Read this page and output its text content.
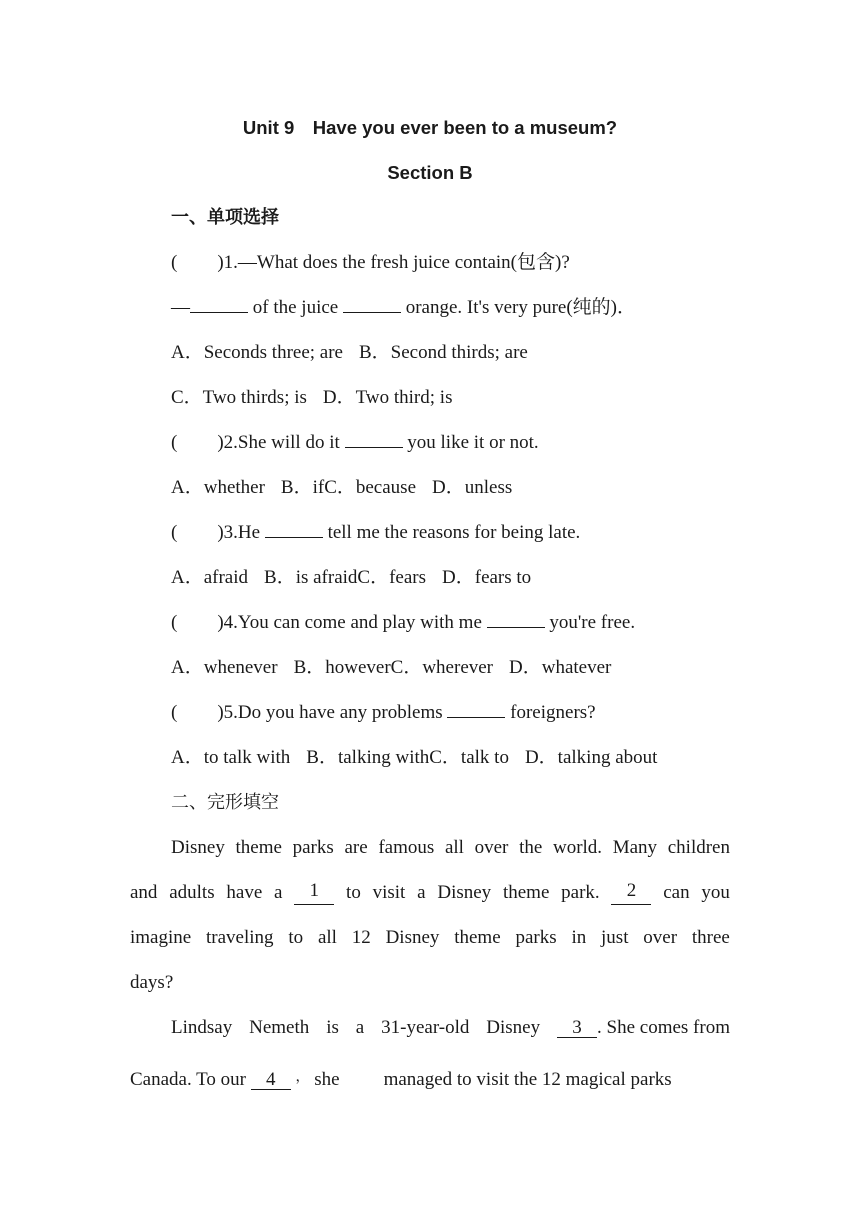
Unit 9　Have you ever been to a museum?
Section B
一、单项选择
( )1.—What does the fresh juice contain(包含)?
—	of the juice	orange. It's very pure(纯的)．
A．Seconds three; are B．Second thirds; are
C．Two thirds; is D．Two third; is
( )2.She will do it	you like it or not.
A．whether B．ifC．because D．unless
( )3.He	tell me the reasons for being late.
A．afraid B．is afraidC．fears D．fears to
( )4.You can come and play with me	you're free.
A．whenever B．howeverC．wherever D．whatever
( )5.Do you have any problems	foreigners?
A．to talk with B．talking withC．talk to D．talking about
二、完形填空
Disney theme parks are famous all over the world. Many children
and adults have a	1	to visit a Disney theme park.	2	can you
imagine traveling to all 12 Disney theme parks in just over three
days?
Lindsay Nemeth is a 31-year-old Disney	3 . She comes from
Canada. To our 4 ， she managed to visit the 12 magical parks
